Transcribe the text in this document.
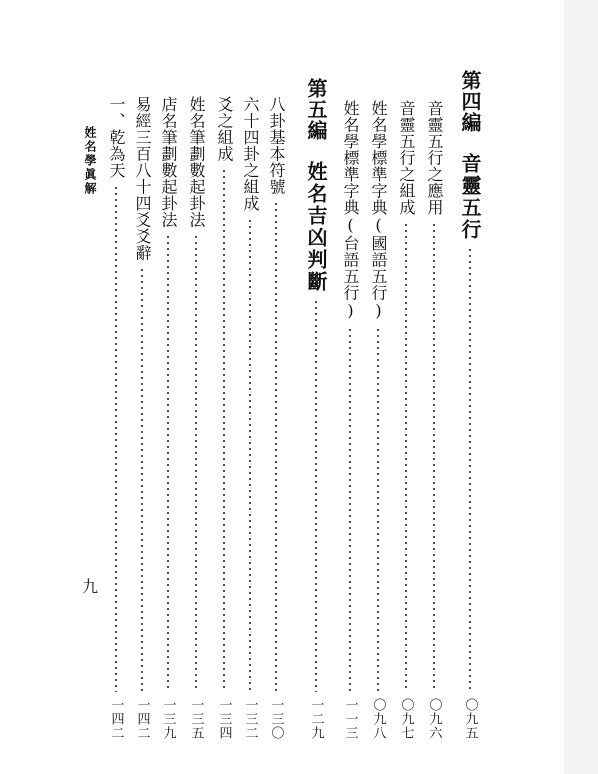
第四編
音靈五行
〇九五
音靈五行之應用
〇九六
音靈五行之組成
〇九七
姓名學標準字典(國語五行)
〇九八
姓名學標準字典(台語五行)
一一三
第五編
姓名吉凶判斷
一二九
八卦基本符號
一三〇
六十四卦之組成
一三二
爻之組成
一三四
姓名筆劃數起卦法
一三五
店名筆劃數起卦法
一三九
易經三百八十四爻爻辭
一四二
一、乾為天
一四二
姓名學眞解
九
